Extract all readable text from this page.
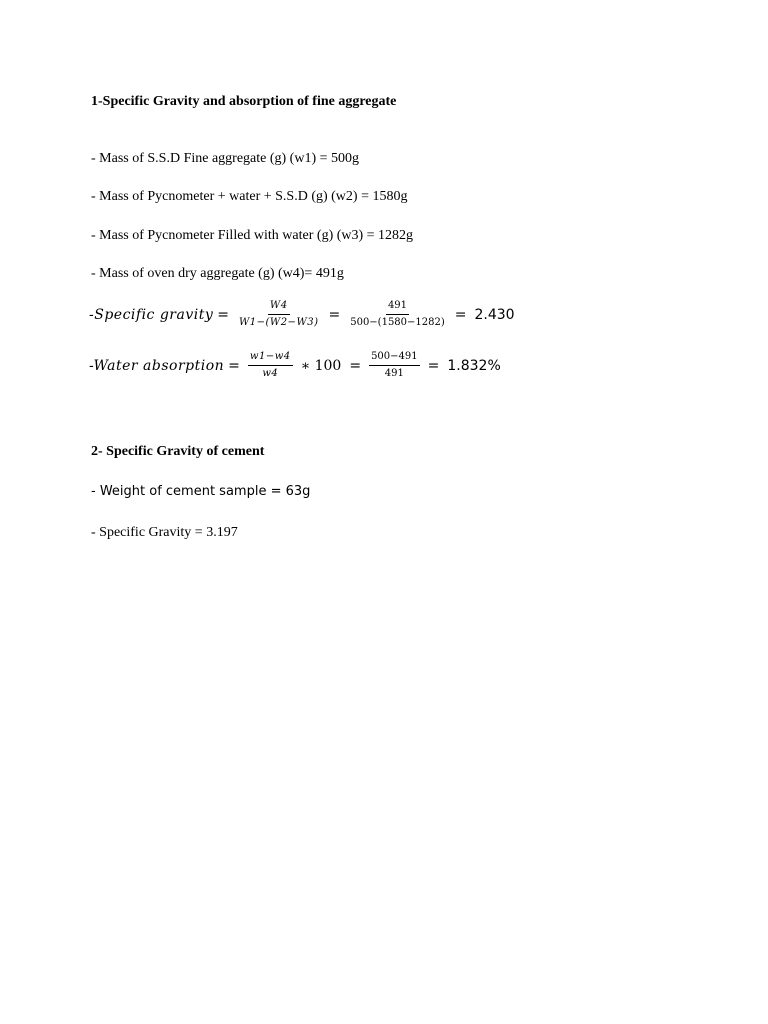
1-Specific Gravity and absorption of fine aggregate
- Mass of S.S.D Fine aggregate (g) (w1) = 500g
- Mass of Pycnometer + water + S.S.D (g) (w2) = 1580g
- Mass of Pycnometer Filled with water (g) (w3) = 1282g
- Mass of oven dry aggregate (g) (w4)= 491g
-Specific gravity = $\frac{W4}{W1-(W2-W3)} = \frac{491}{500-(1580-1282)} = 2.430$
-Water absorption = $\frac{w1-w4}{w4}$ ∗ $100 = \frac{500-491}{491} = 1.832\%$
2- Specific Gravity of cement
- Weight of cement sample = 63g
- Specific Gravity = 3.197
